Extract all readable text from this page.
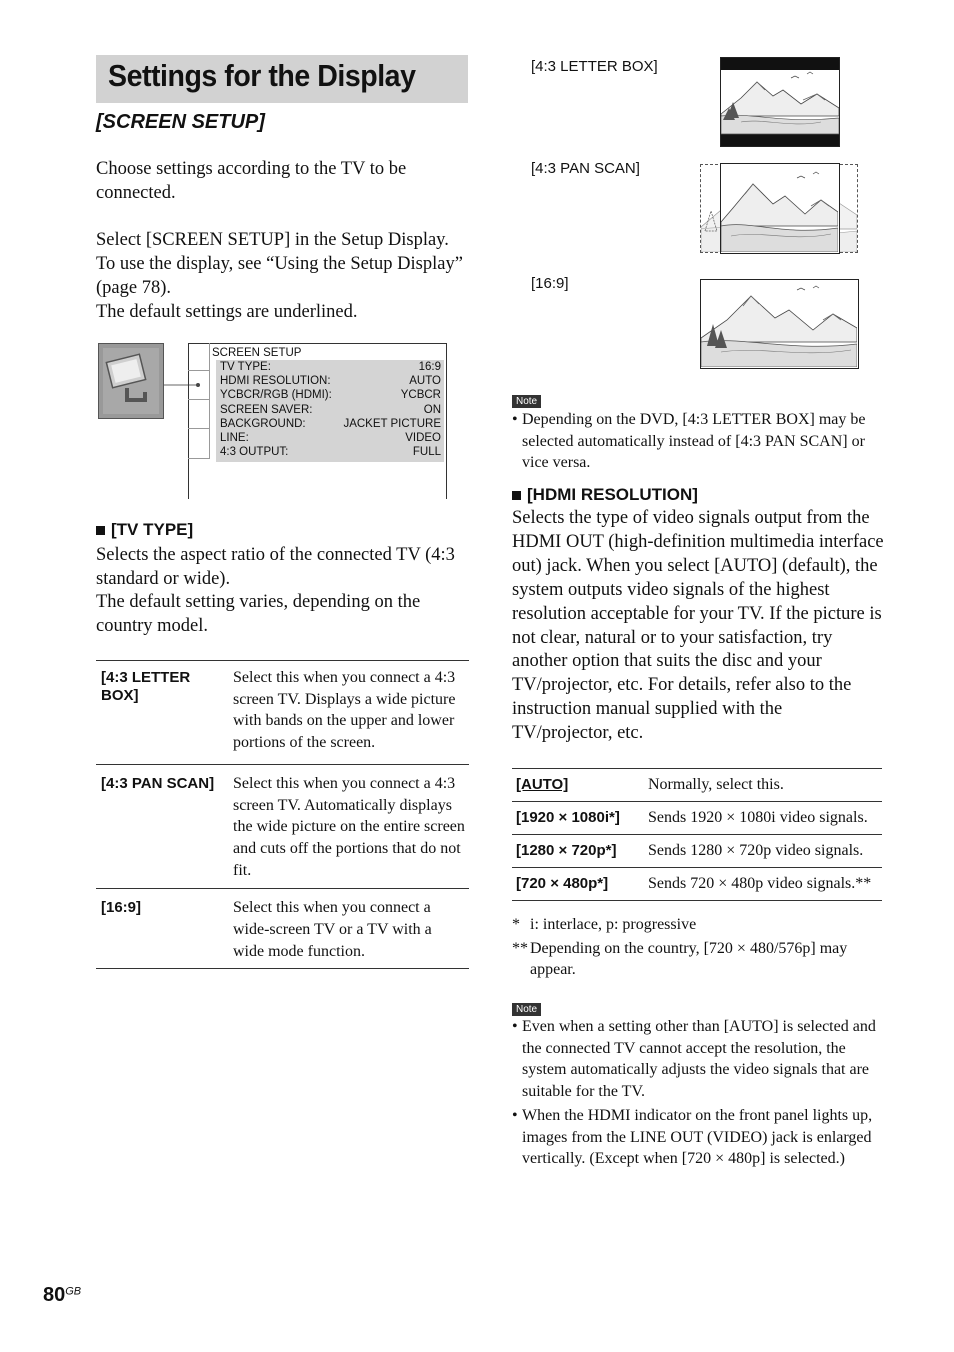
Settings for the Display
[SCREEN SETUP]
Choose settings according to the TV to be connected.
Select [SCREEN SETUP] in the Setup Display. To use the display, see “Using the Setup Display” (page 78).
The default settings are underlined.
SCREEN SETUP
TV TYPE:	16:9
HDMI RESOLUTION:	AUTO
YCBCR/RGB (HDMI):	YCBCR
SCREEN SAVER:	ON
BACKGROUND:	JACKET PICTURE
LINE:	VIDEO
4:3 OUTPUT:	FULL
[TV TYPE]
Selects the aspect ratio of the connected TV (4:3 standard or wide).
The default setting varies, depending on the country model.
[4:3 LETTER BOX]	Select this when you connect a 4:3 screen TV. Displays a wide picture with bands on the upper and lower portions of the screen.
[4:3 PAN SCAN]	Select this when you connect a 4:3 screen TV. Automatically displays the wide picture on the entire screen and cuts off the portions that do not fit.
[16:9]	Select this when you connect a wide-screen TV or a TV with a wide mode function.
[4:3 LETTER BOX]
[4:3 PAN SCAN]
[16:9]
Note
• Depending on the DVD, [4:3 LETTER BOX] may be selected automatically instead of [4:3 PAN SCAN] or vice versa.
[HDMI RESOLUTION]
Selects the type of video signals output from the HDMI OUT (high-definition multimedia interface out) jack. When you select [AUTO] (default), the system outputs video signals of the highest resolution acceptable for your TV. If the picture is not clear, natural or to your satisfaction, try another option that suits the disc and your TV/projector, etc. For details, refer also to the instruction manual supplied with the TV/projector, etc.
[AUTO]	Normally, select this.
[1920 × 1080i*]	Sends 1920 × 1080i video signals.
[1280 × 720p*]	Sends 1280 × 720p video signals.
[720 × 480p*]	Sends 720 × 480p video signals.**
* i: interlace, p: progressive
** Depending on the country, [720 × 480/576p] may appear.
Note
• Even when a setting other than [AUTO] is selected and the connected TV cannot accept the resolution, the system automatically adjusts the video signals that are suitable for the TV.
• When the HDMI indicator on the front panel lights up, images from the LINE OUT (VIDEO) jack is enlarged vertically. (Except when [720 × 480p] is selected.)
$80^{GB}$
